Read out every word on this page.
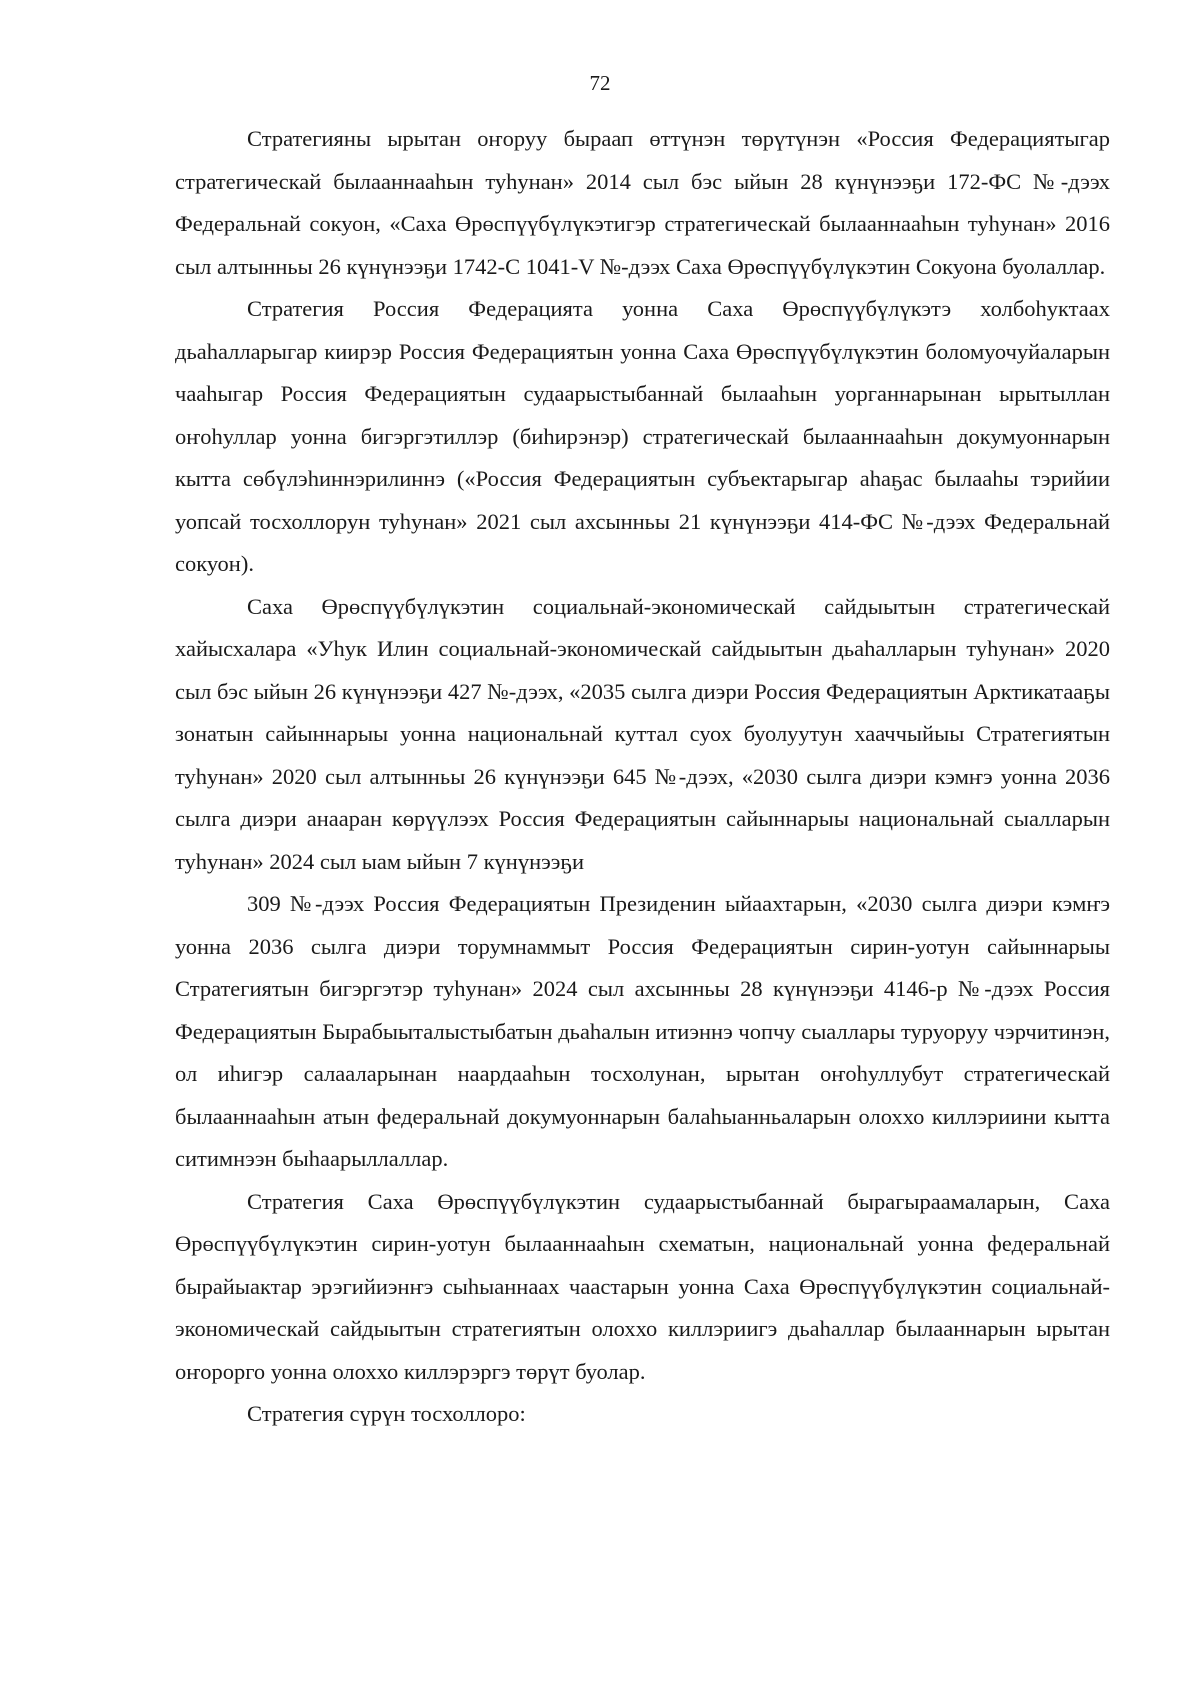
72

Стратегияны ырытан оҥоруу быраап өттүнэн төрүтүнэн «Россия Федерациятыгар стратегическай былааннааһын туһунан» 2014 сыл бэс ыйын 28 күнүнээҕи 172-ФС №-дээх Федеральнай сокуон, «Саха Өрөспүүбүлүкэтигэр стратегическай былааннааһын туһунан» 2016 сыл алтынньы 26 күнүнээҕи 1742-С 1041-V №-дээх Саха Өрөспүүбүлүкэтин Сокуона буолаллар.

Стратегия Россия Федерацията уонна Саха Өрөспүүбүлүкэтэ холбоһуктаах дьаһалларыгар киирэр Россия Федерациятын уонна Саха Өрөспүүбүлүкэтин боломуочуйаларын чааһыгар Россия Федерациятын судаарыстыбаннай былааһын уорганнарынан ырытыллан оҥоһуллар уонна бигэргэтиллэр (биһирэнэр) стратегическай былааннааһын докумуоннарын кытта сөбүлэһиннэрилиннэ («Россия Федерациятын субъектарыгар аһаҕас былааһы тэрийии уопсай тосхоллорун туһунан» 2021 сыл ахсынньы 21 күнүнээҕи 414-ФС №-дээх Федеральнай сокуон).

Саха Өрөспүүбүлүкэтин социальнай-экономическай сайдыытын стратегическай хайысхалара «Уһук Илин социальнай-экономическай сайдыытын дьаһалларын туһунан» 2020 сыл бэс ыйын 26 күнүнээҕи 427 №-дээх, «2035 сылга диэри Россия Федерациятын Арктикатааҕы зонатын сайыннарыы уонна национальнай куттал суох буолуутун хааччыйыы Стратегиятын туһунан» 2020 сыл алтынньы 26 күнүнээҕи 645 №-дээх, «2030 сылга диэри кэмҥэ уонна 2036 сылга диэри анааран көрүүлээх Россия Федерациятын сайыннарыы национальнай сыалларын туһунан» 2024 сыл ыам ыйын 7 күнүнээҕи

309 №-дээх Россия Федерациятын Президенин ыйаахтарын, «2030 сылга диэри кэмҥэ уонна 2036 сылга диэри торумнаммыт Россия Федерациятын сирин-уотун сайыннарыы Стратегиятын бигэргэтэр туһунан» 2024 сыл ахсынньы 28 күнүнээҕи 4146-р №-дээх Россия Федерациятын Бырабыыталыстыбатын дьаһалын итиэннэ чопчу сыаллары туруоруу чэрчитинэн, ол иһигэр салааларынан наардааһын тосхолунан, ырытан оҥоһуллубут стратегическай былааннааһын атын федеральнай докумуоннарын балаһыанньаларын олоххо киллэриини кытта ситимнээн быһаарыллаллар.

Стратегия Саха Өрөспүүбүлүкэтин судаарыстыбаннай бырагыраамаларын, Саха Өрөспүүбүлүкэтин сирин-уотун былааннааһын схематын, национальнай уонна федеральнай бырайыактар эрэгийиэнҥэ сыһыаннаах чаастарын уонна Саха Өрөспүүбүлүкэтин социальнай-экономическай сайдыытын стратегиятын олоххо киллэриигэ дьаһаллар былааннарын ырытан оҥорорго уонна олоххо киллэрэргэ төрүт буолар.

Стратегия сүрүн тосхоллоро:
